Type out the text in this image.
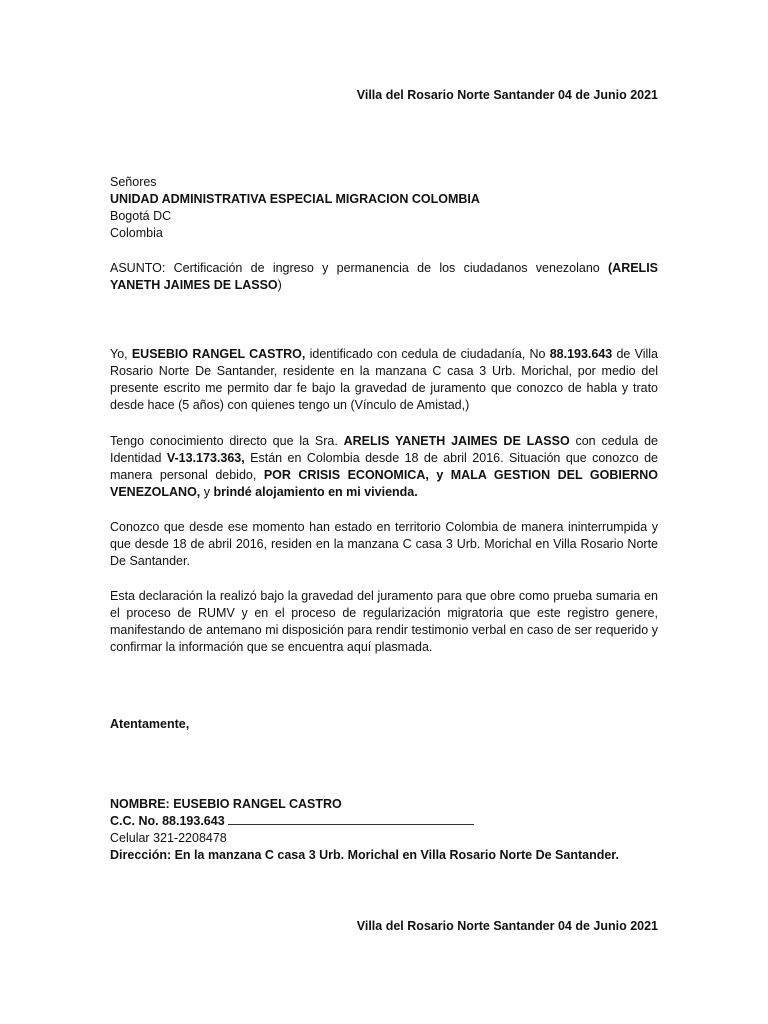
Villa del Rosario Norte Santander 04 de Junio 2021
Señores
UNIDAD ADMINISTRATIVA ESPECIAL MIGRACION COLOMBIA
Bogotá DC
Colombia

ASUNTO: Certificación de ingreso y permanencia de los ciudadanos venezolano (ARELIS YANETH JAIMES DE LASSO)

Yo, EUSEBIO RANGEL CASTRO, identificado con cedula de ciudadanía, No 88.193.643 de Villa Rosario Norte De Santander, residente en la manzana C casa 3 Urb. Morichal, por medio del presente escrito me permito dar fe bajo la gravedad de juramento que conozco de habla y trato desde hace (5 años) con quienes tengo un (Vínculo de Amistad,)

Tengo conocimiento directo que la Sra. ARELIS YANETH JAIMES DE LASSO con cedula de Identidad V-13.173.363, Están en Colombia desde 18 de abril 2016. Situación que conozco de manera personal debido, POR CRISIS ECONOMICA, y MALA GESTION DEL GOBIERNO VENEZOLANO, y brindé alojamiento en mi vivienda.

Conozco que desde ese momento han estado en territorio Colombia de manera ininterrumpida y que desde 18 de abril 2016, residen en la manzana C casa 3 Urb. Morichal en Villa Rosario Norte De Santander.

Esta declaración la realizó bajo la gravedad del juramento para que obre como prueba sumaria en el proceso de RUMV y en el proceso de regularización migratoria que este registro genere, manifestando de antemano mi disposición para rendir testimonio verbal en caso de ser requerido y confirmar la información que se encuentra aquí plasmada.

Atentamente,
NOMBRE: EUSEBIO RANGEL CASTRO
C.C. No. 88.193.643
Celular 321-2208478
Dirección: En la manzana C casa 3 Urb. Morichal en Villa Rosario Norte De Santander.
Villa del Rosario Norte Santander 04 de Junio 2021
